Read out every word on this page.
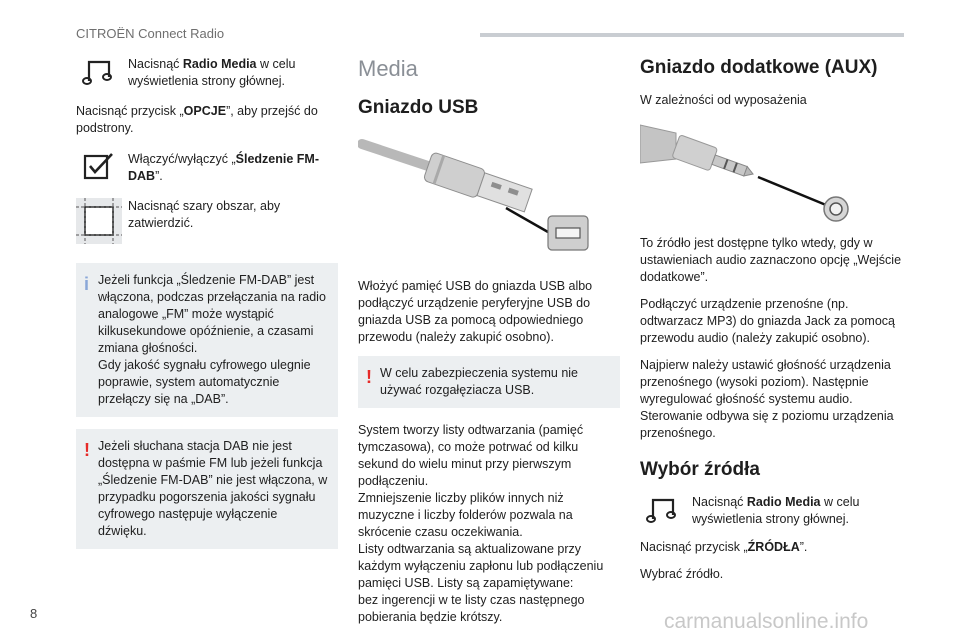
CITROËN Connect Radio

Nacisnąć Radio Media w celu wyświetlenia strony głównej.

Nacisnąć przycisk „OPCJE”, aby przejść do podstrony.

Włączyć/wyłączyć „Śledzenie FM-DAB”.

Nacisnąć szary obszar, aby zatwierdzić.

i Jeżeli funkcja „Śledzenie FM-DAB” jest włączona, podczas przełączania na radio analogowe „FM” może wystąpić kilkusekundowe opóźnienie, a czasami zmiana głośności.

Gdy jakość sygnału cyfrowego ulegnie poprawie, system automatycznie przełączy się na „DAB”.

! Jeżeli słuchana stacja DAB nie jest dostępna w paśmie FM lub jeżeli funkcja „Śledzenie FM-DAB” nie jest włączona, w przypadku pogorszenia jakości sygnału cyfrowego następuje wyłączenie dźwięku.

Media
Gniazdo USB

Włożyć pamięć USB do gniazda USB albo podłączyć urządzenie peryferyjne USB do gniazda USB za pomocą odpowiedniego przewodu (należy zakupić osobno).

! W celu zabezpieczenia systemu nie używać rozgałęziacza USB.

System tworzy listy odtwarzania (pamięć tymczasowa), co może potrwać od kilku sekund do wielu minut przy pierwszym podłączeniu.

Zmniejszenie liczby plików innych niż muzyczne i liczby folderów pozwala na skrócenie czasu oczekiwania.

Listy odtwarzania są aktualizowane przy każdym wyłączeniu zapłonu lub podłączeniu pamięci USB. Listy są zapamiętywane:

bez ingerencji w te listy czas następnego pobierania będzie krótszy.

Gniazdo dodatkowe (AUX)

W zależności od wyposażenia

To źródło jest dostępne tylko wtedy, gdy w ustawieniach audio zaznaczono opcję „Wejście dodatkowe”.

Podłączyć urządzenie przenośne (np. odtwarzacz MP3) do gniazda Jack za pomocą przewodu audio (należy zakupić osobno).

Najpierw należy ustawić głośność urządzenia przenośnego (wysoki poziom). Następnie wyregulować głośność systemu audio. Sterowanie odbywa się z poziomu urządzenia przenośnego.

Wybór źródła

Nacisnąć Radio Media w celu wyświetlenia strony głównej.

Nacisnąć przycisk „ŹRÓDŁA”.

Wybrać źródło.

8	carmanualsonline.info
